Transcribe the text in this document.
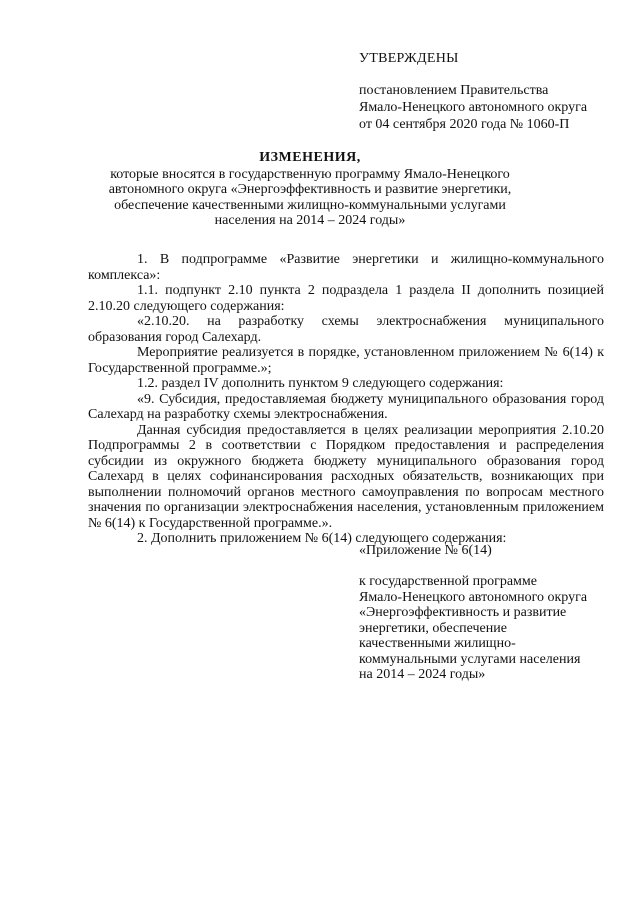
УТВЕРЖДЕНЫ

постановлением Правительства

Ямало-Ненецкого автономного округа

от 04 сентября 2020 года № 1060-П

ИЗМЕНЕНИЯ,

которые вносятся в государственную программу Ямало-Ненецкого

автономного округа «Энергоэффективность и развитие энергетики,

обеспечение качественными жилищно-коммунальными услугами

населения на 2014 – 2024 годы»

1. В подпрограмме «Развитие энергетики и жилищно-коммунального комплекса»:

1.1. подпункт 2.10 пункта 2 подраздела 1 раздела II дополнить позицией 2.10.20 следующего содержания:

«2.10.20. на разработку схемы электроснабжения муниципального образования город Салехард.

Мероприятие реализуется в порядке, установленном приложением № 6(14) к Государственной программе.»;

1.2. раздел IV дополнить пунктом 9 следующего содержания:

«9. Субсидия, предоставляемая бюджету муниципального образования город Салехард на разработку схемы электроснабжения.

Данная субсидия предоставляется в целях реализации мероприятия 2.10.20 Подпрограммы 2 в соответствии с Порядком предоставления и распределения субсидии из окружного бюджета бюджету муниципального образования город Салехард в целях софинансирования расходных обязательств, возникающих при выполнении полномочий органов местного самоуправления по вопросам местного значения по организации электроснабжения населения, установленным приложением № 6(14) к Государственной программе.».

2. Дополнить приложением № 6(14) следующего содержания:

«Приложение № 6(14)

к государственной программе

Ямало-Ненецкого автономного округа

«Энергоэффективность и развитие

энергетики, обеспечение

качественными жилищно-

коммунальными услугами населения

на 2014 – 2024 годы»
